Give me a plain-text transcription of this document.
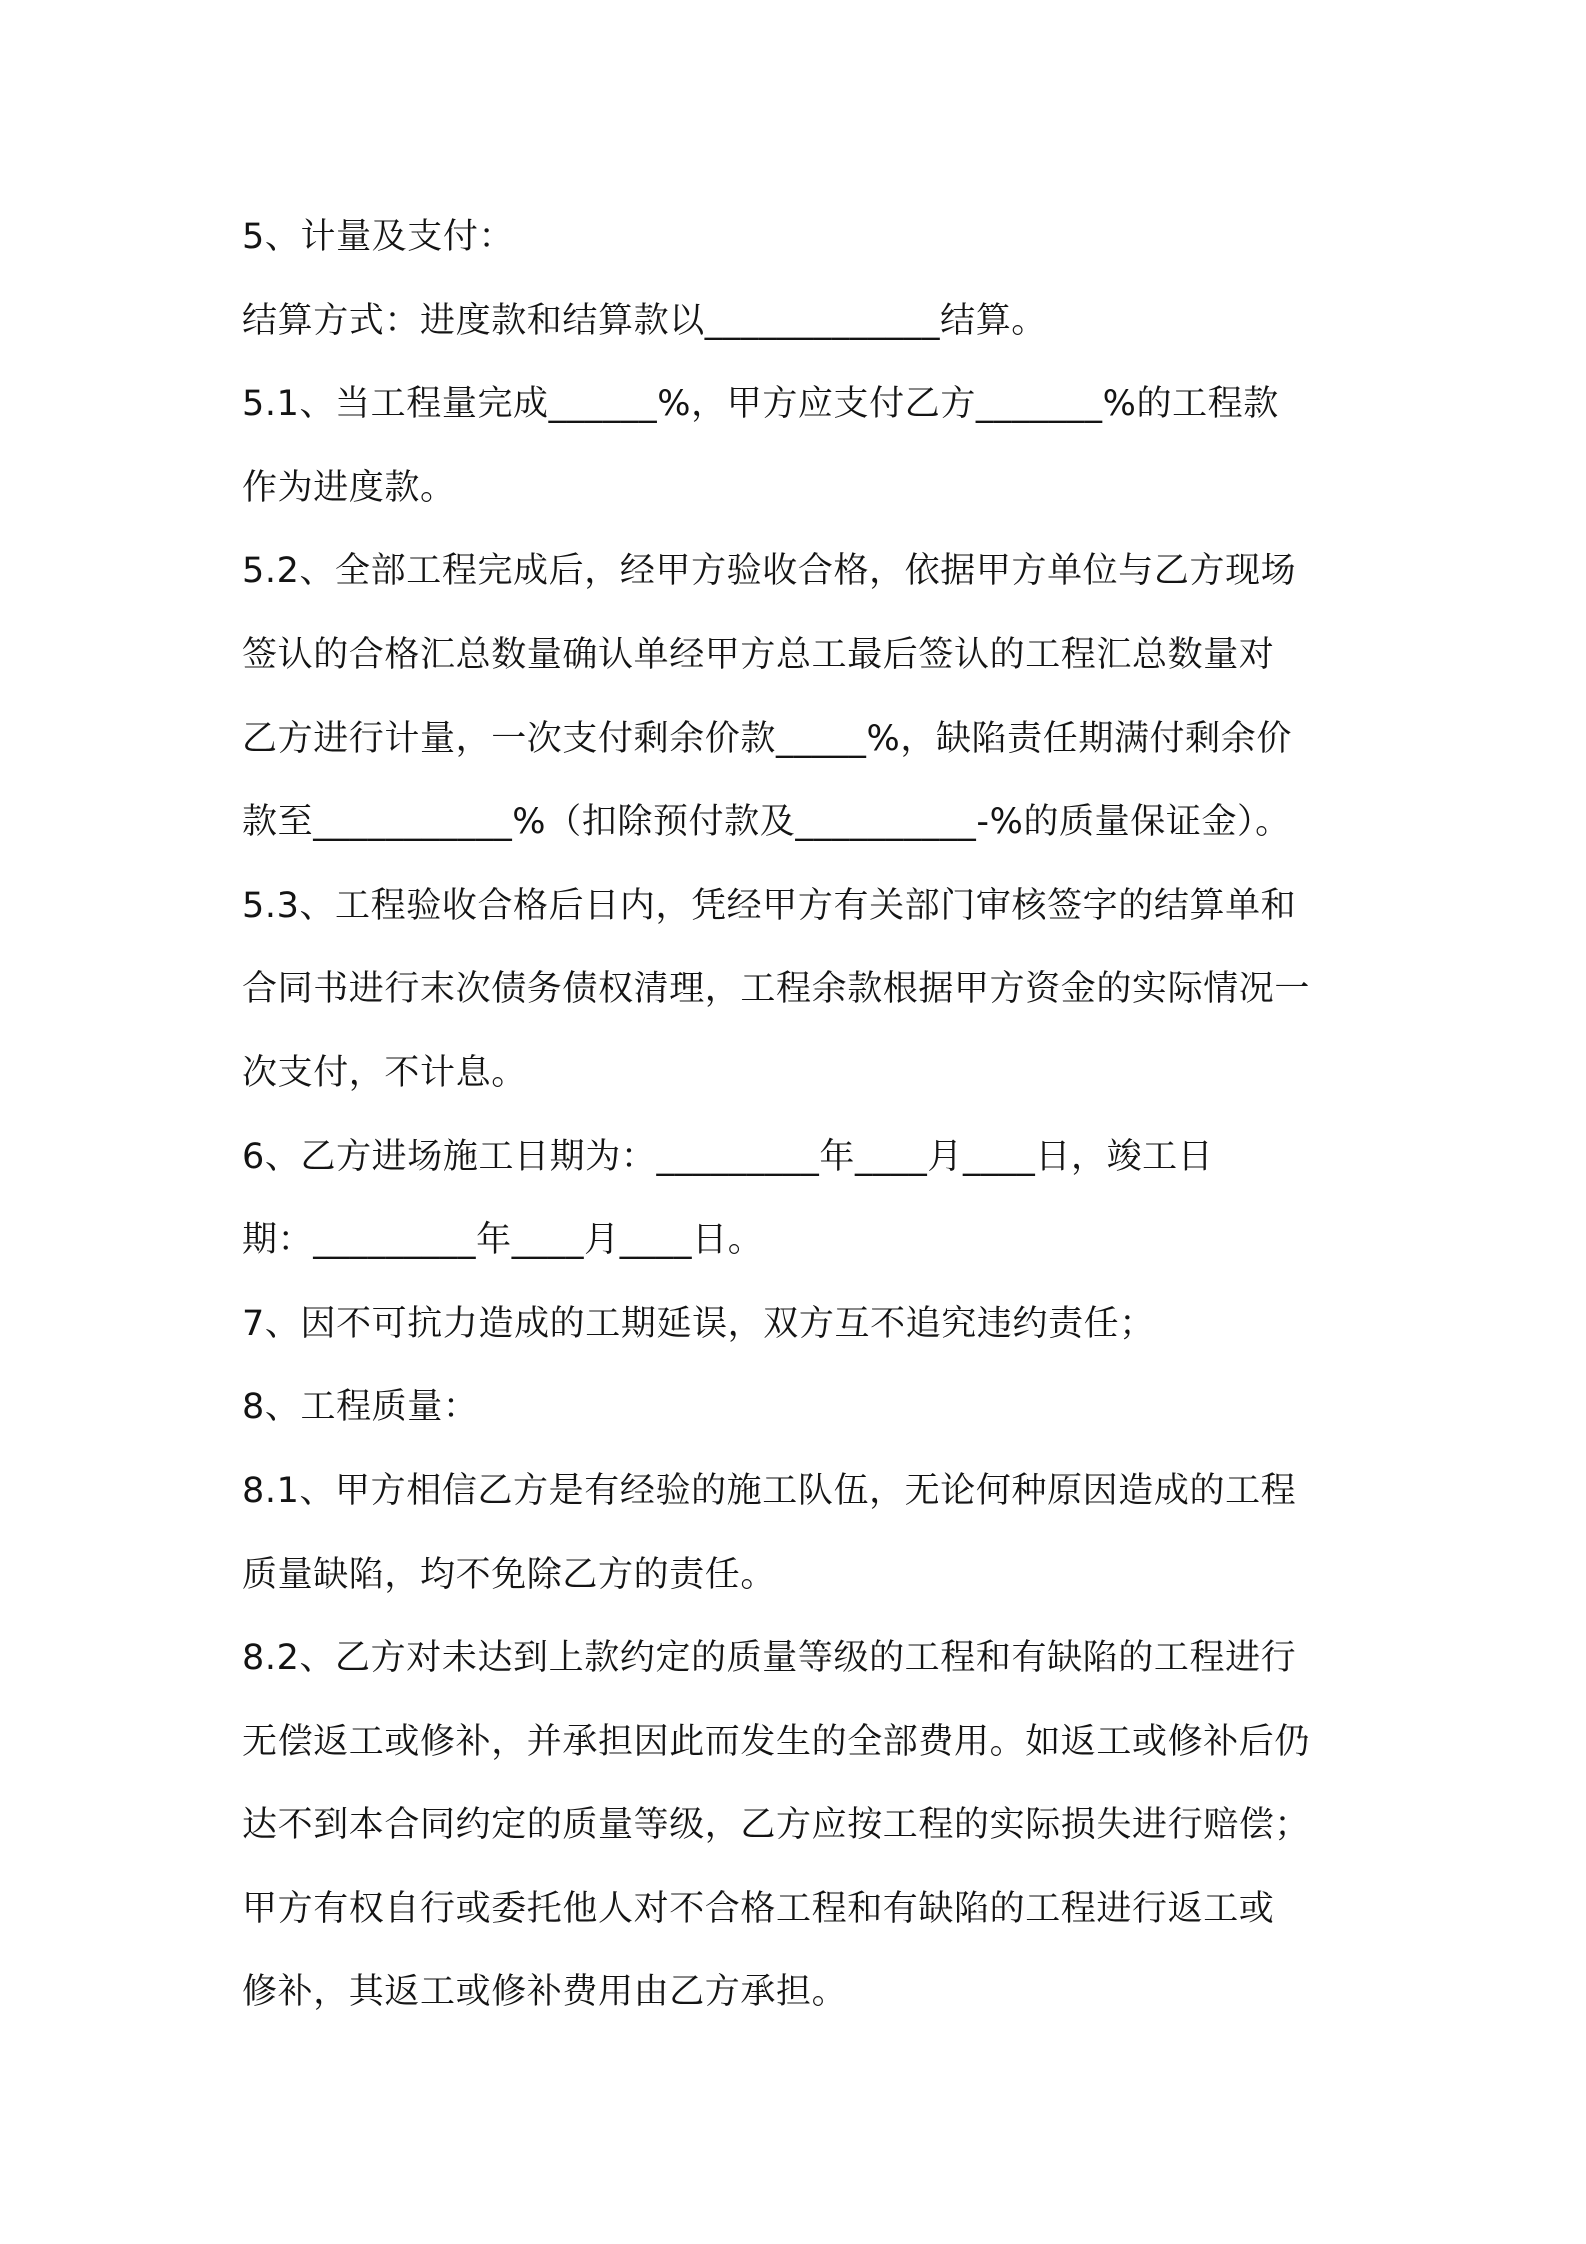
5、计量及支付：
结算方式：进度款和结算款以_____________结算。
5.1、当工程量完成______%，甲方应支付乙方_______%的工程款
作为进度款。
5.2、全部工程完成后，经甲方验收合格，依据甲方单位与乙方现场
签认的合格汇总数量确认单经甲方总工最后签认的工程汇总数量对
乙方进行计量，一次支付剩余价款_____%，缺陷责任期满付剩余价
款至___________%（扣除预付款及__________-%的质量保证金）。
5.3、工程验收合格后日内，凭经甲方有关部门审核签字的结算单和
合同书进行末次债务债权清理，工程余款根据甲方资金的实际情况一
次支付，不计息。
6、乙方进场施工日期为：_________年____月____日，竣工日
期：_________年____月____日。
7、因不可抗力造成的工期延误，双方互不追究违约责任；
8、工程质量：
8.1、甲方相信乙方是有经验的施工队伍，无论何种原因造成的工程
质量缺陷，均不免除乙方的责任。
8.2、乙方对未达到上款约定的质量等级的工程和有缺陷的工程进行
无偿返工或修补，并承担因此而发生的全部费用。如返工或修补后仍
达不到本合同约定的质量等级，乙方应按工程的实际损失进行赔偿；
甲方有权自行或委托他人对不合格工程和有缺陷的工程进行返工或
修补，其返工或修补费用由乙方承担。
